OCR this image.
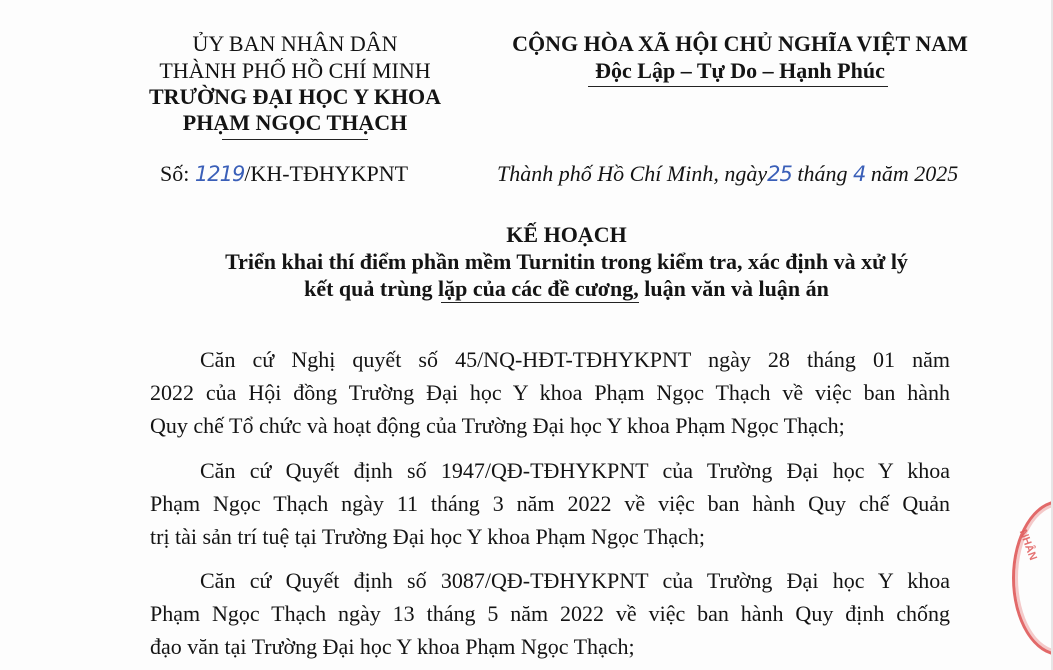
ỦY BAN NHÂN DÂN
THÀNH PHỐ HỒ CHÍ MINH
TRƯỜNG ĐẠI HỌC Y KHOA
PHẠM NGỌC THẠCH
CỘNG HÒA XÃ HỘI CHỦ NGHĨA VIỆT NAM
Độc Lập – Tự Do – Hạnh Phúc
Số: 1219/KH-TĐHYKPNT	Thành phố Hồ Chí Minh, ngày25 tháng 4 năm 2025
KẾ HOẠCH
Triển khai thí điểm phần mềm Turnitin trong kiểm tra, xác định và xử lý
kết quả trùng lặp của các đề cương, luận văn và luận án
Căn cứ Nghị quyết số 45/NQ-HĐT-TĐHYKPNT ngày 28 tháng 01 năm
2022 của Hội đồng Trường Đại học Y khoa Phạm Ngọc Thạch về việc ban hành
Quy chế Tổ chức và hoạt động của Trường Đại học Y khoa Phạm Ngọc Thạch;
Căn cứ Quyết định số 1947/QĐ-TĐHYKPNT của Trường Đại học Y khoa
Phạm Ngọc Thạch ngày 11 tháng 3 năm 2022 về việc ban hành Quy chế Quản
trị tài sản trí tuệ tại Trường Đại học Y khoa Phạm Ngọc Thạch;
Căn cứ Quyết định số 3087/QĐ-TĐHYKPNT của Trường Đại học Y khoa
Phạm Ngọc Thạch ngày 13 tháng 5 năm 2022 về việc ban hành Quy định chống
đạo văn tại Trường Đại học Y khoa Phạm Ngọc Thạch;
NHÂN
